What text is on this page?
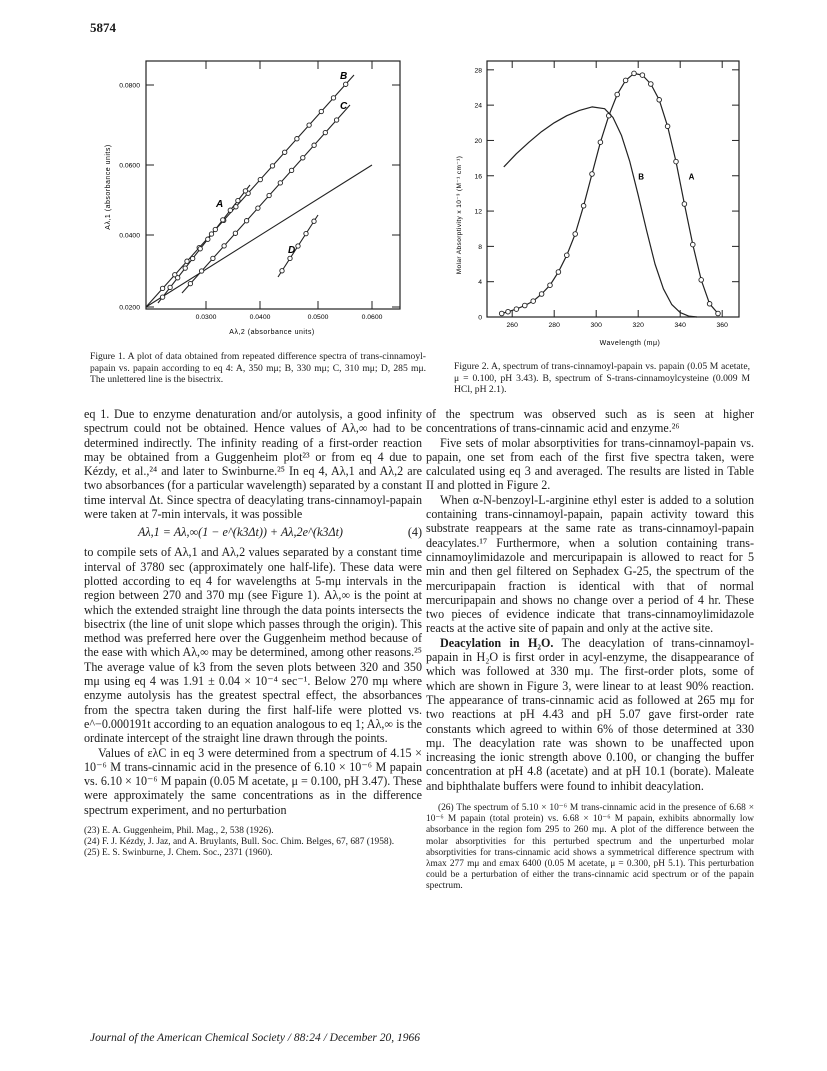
5874
0.0800
0.0600
0.0400
0.0200
0.0300	0.0400	0.0500	0.0600
B
C
A
D
Aλ,2 (absorbance units)
Aλ,1 (absorbance units)
Figure 1. A plot of data obtained from repeated difference spectra of trans-cinnamoyl-papain vs. papain according to eq 4: A, 350 mμ; B, 330 mμ; C, 310 mμ; D, 285 mμ. The unlettered line is the bisectrix.
28
24
20
16
12
8
4
0
260	280	300	320	340	360
A
B
Wavelength (mμ)
Molar Absorptivity x 10⁻³ (M⁻¹ cm⁻¹)
Figure 2. A, spectrum of trans-cinnamoyl-papain vs. papain (0.05 M acetate, μ = 0.100, pH 3.43). B, spectrum of S-trans-cinnamoylcysteine (0.009 M HCl, pH 2.1).

eq 1. Due to enzyme denaturation and/or autolysis, a good infinity spectrum could not be obtained. Hence values of Aλ,∞ had to be determined indirectly. The infinity reading of a first-order reaction may be obtained from a Guggenheim plot²³ or from eq 4 due to Kézdy, et al.,²⁴ and later to Swinburne.²⁵ In eq 4, Aλ,1 and Aλ,2 are two absorbances (for a particular wavelength) separated by a constant time interval Δt. Since spectra of deacylating trans-cinnamoyl-papain were taken at 7-min intervals, it was possible

Aλ,1 = Aλ,∞(1 − e^(k3Δt)) + Aλ,2e^(k3Δt)	(4)

to compile sets of Aλ,1 and Aλ,2 values separated by a constant time interval of 3780 sec (approximately one half-life). These data were plotted according to eq 4 for wavelengths at 5-mμ intervals in the region between 270 and 370 mμ (see Figure 1). Aλ,∞ is the point at which the extended straight line through the data points intersects the bisectrix (the line of unit slope which passes through the origin). This method was preferred here over the Guggenheim method because of the ease with which Aλ,∞ may be determined, among other reasons.²⁵ The average value of k3 from the seven plots between 320 and 350 mμ using eq 4 was 1.91 ± 0.04 × 10⁻⁴ sec⁻¹. Below 270 mμ where enzyme autolysis has the greatest spectral effect, the absorbances from the spectra taken during the first half-life were plotted vs. e^−0.000191t according to an equation analogous to eq 1; Aλ,∞ is the ordinate intercept of the straight line drawn through the points.

Values of ελC in eq 3 were determined from a spectrum of 4.15 × 10⁻⁶ M trans-cinnamic acid in the presence of 6.10 × 10⁻⁶ M papain vs. 6.10 × 10⁻⁶ M papain (0.05 M acetate, μ = 0.100, pH 3.47). These were approximately the same concentrations as in the difference spectrum experiment, and no perturbation

(23) E. A. Guggenheim, Phil. Mag., 2, 538 (1926).

(24) F. J. Kézdy, J. Jaz, and A. Bruylants, Bull. Soc. Chim. Belges, 67, 687 (1958).

(25) E. S. Swinburne, J. Chem. Soc., 2371 (1960).

of the spectrum was observed such as is seen at higher concentrations of trans-cinnamic acid and enzyme.²⁶

Five sets of molar absorptivities for trans-cinnamoyl-papain vs. papain, one set from each of the first five spectra taken, were calculated using eq 3 and averaged. The results are listed in Table II and plotted in Figure 2.

When α-N-benzoyl-L-arginine ethyl ester is added to a solution containing trans-cinnamoyl-papain, papain activity toward this substrate reappears at the same rate as trans-cinnamoyl-papain deacylates.¹⁷ Furthermore, when a solution containing trans-cinnamoylimidazole and mercuripapain is allowed to react for 5 min and then gel filtered on Sephadex G-25, the spectrum of the mercuripapain fraction is identical with that of normal mercuripapain and shows no change over a period of 4 hr. These two pieces of evidence indicate that trans-cinnamoylimidazole reacts at the active site of papain and only at the active site.

Deacylation in H₂O. The deacylation of trans-cinnamoyl-papain in H₂O is first order in acyl-enzyme, the disappearance of which was followed at 330 mμ. The first-order plots, some of which are shown in Figure 3, were linear to at least 90% reaction. The appearance of trans-cinnamic acid as followed at 265 mμ for two reactions at pH 4.43 and pH 5.07 gave first-order rate constants which agreed to within 6% of those determined at 330 mμ. The deacylation rate was shown to be unaffected upon increasing the ionic strength above 0.100, or changing the buffer concentration at pH 4.8 (acetate) and at pH 10.1 (borate). Maleate and biphthalate buffers were found to inhibit deacylation.

(26) The spectrum of 5.10 × 10⁻⁶ M trans-cinnamic acid in the presence of 6.68 × 10⁻⁶ M papain (total protein) vs. 6.68 × 10⁻⁶ M papain, exhibits abnormally low absorbance in the region fom 295 to 260 mμ. A plot of the difference between the molar absorptivities for this perturbed spectrum and the unperturbed molar absorptivities for trans-cinnamic acid shows a symmetrical difference spectrum with λmax 277 mμ and εmax 6400 (0.05 M acetate, μ = 0.300, pH 5.1). This perturbation could be a perturbation of either the trans-cinnamic acid spectrum or of the papain spectrum.

Journal of the American Chemical Society / 88:24 / December 20, 1966
